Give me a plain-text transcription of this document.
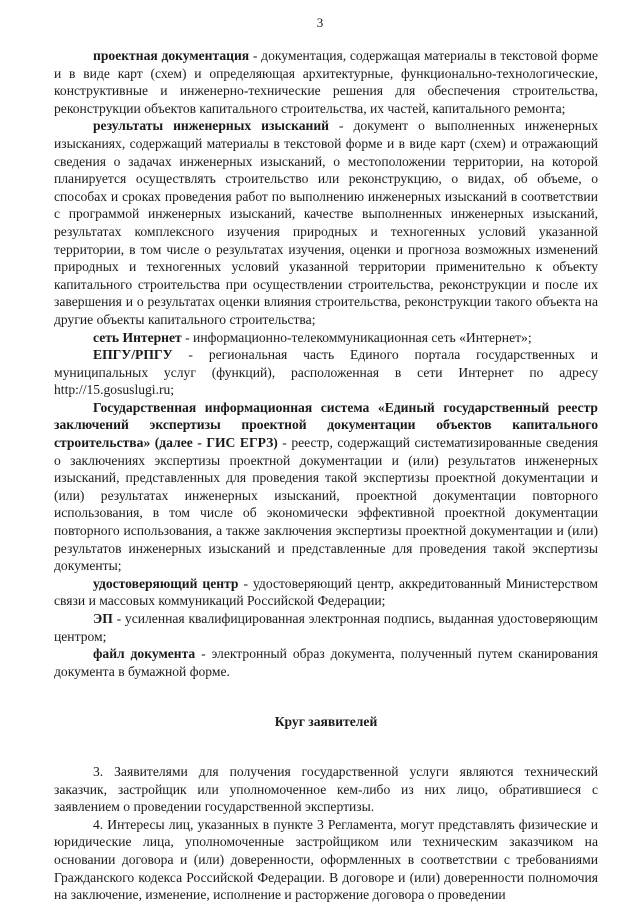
3

проектная документация - документация, содержащая материалы в текстовой форме и в виде карт (схем) и определяющая архитектурные, функционально-технологические, конструктивные и инженерно-технические решения для обеспечения строительства, реконструкции объектов капитального строительства, их частей, капитального ремонта;

результаты инженерных изысканий - документ о выполненных инженерных изысканиях, содержащий материалы в текстовой форме и в виде карт (схем) и отражающий сведения о задачах инженерных изысканий, о местоположении территории, на которой планируется осуществлять строительство или реконструкцию, о видах, об объеме, о способах и сроках проведения работ по выполнению инженерных изысканий в соответствии с программой инженерных изысканий, качестве выполненных инженерных изысканий, результатах комплексного изучения природных и техногенных условий указанной территории, в том числе о результатах изучения, оценки и прогноза возможных изменений природных и техногенных условий указанной территории применительно к объекту капитального строительства при осуществлении строительства, реконструкции и после их завершения и о результатах оценки влияния строительства, реконструкции такого объекта на другие объекты капитального строительства;

сеть Интернет - информационно-телекоммуникационная сеть «Интернет»;

ЕПГУ/РПГУ - региональная часть Единого портала государственных и муниципальных услуг (функций), расположенная в сети Интернет по адресу http://15.gosuslugi.ru;

Государственная информационная система «Единый государственный реестр заключений экспертизы проектной документации объектов капитального строительства» (далее - ГИС ЕГРЗ) - реестр, содержащий систематизированные сведения о заключениях экспертизы проектной документации и (или) результатов инженерных изысканий, представленных для проведения такой экспертизы проектной документации и (или) результатах инженерных изысканий, проектной документации повторного использования, в том числе об экономически эффективной проектной документации повторного использования, а также заключения экспертизы проектной документации и (или) результатов инженерных изысканий и представленные для проведения такой экспертизы документы;

удостоверяющий центр - удостоверяющий центр, аккредитованный Министерством связи и массовых коммуникаций Российской Федерации;

ЭП - усиленная квалифицированная электронная подпись, выданная удостоверяющим центром;

файл документа - электронный образ документа, полученный путем сканирования документа в бумажной форме.

Круг заявителей

3. Заявителями для получения государственной услуги являются технический заказчик, застройщик или уполномоченное кем-либо из них лицо, обратившиеся с заявлением о проведении государственной экспертизы.

4. Интересы лиц, указанных в пункте 3 Регламента, могут представлять физические и юридические лица, уполномоченные застройщиком или техническим заказчиком на основании договора и (или) доверенности, оформленных в соответствии с требованиями Гражданского кодекса Российской Федерации. В договоре и (или) доверенности полномочия на заключение, изменение, исполнение и расторжение договора о проведении
